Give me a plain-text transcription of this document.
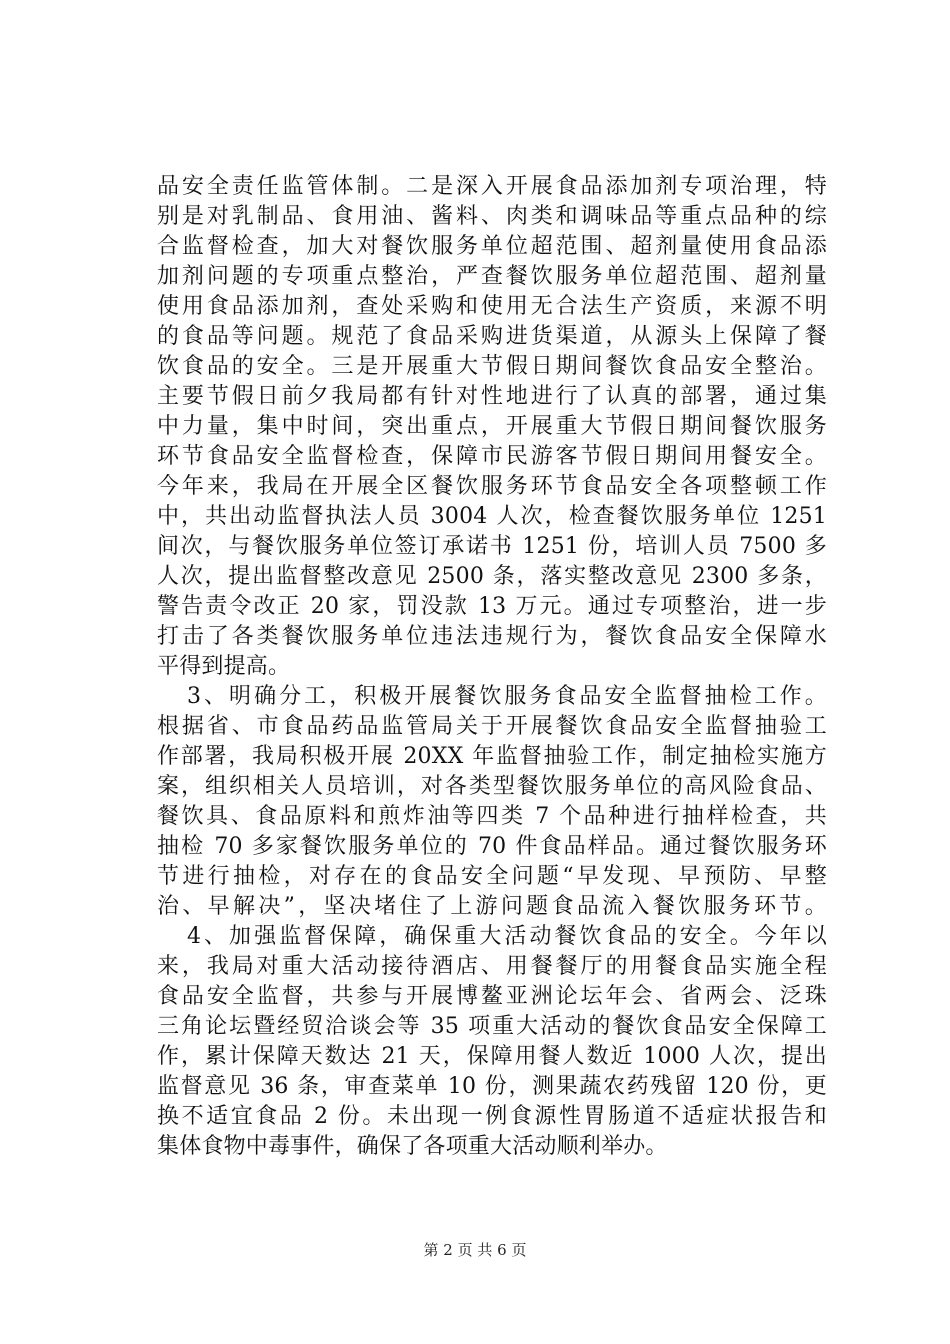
品安全责任监管体制。二是深入开展食品添加剂专项治理，特
别是对乳制品、食用油、酱料、肉类和调味品等重点品种的综
合监督检查，加大对餐饮服务单位超范围、超剂量使用食品添
加剂问题的专项重点整治，严查餐饮服务单位超范围、超剂量
使用食品添加剂，查处采购和使用无合法生产资质，来源不明
的食品等问题。规范了食品采购进货渠道，从源头上保障了餐
饮食品的安全。三是开展重大节假日期间餐饮食品安全整治。
主要节假日前夕我局都有针对性地进行了认真的部署，通过集
中力量，集中时间，突出重点，开展重大节假日期间餐饮服务
环节食品安全监督检查，保障市民游客节假日期间用餐安全。
今年来，我局在开展全区餐饮服务环节食品安全各项整顿工作
中，共出动监督执法人员 3004 人次，检查餐饮服务单位 1251
间次，与餐饮服务单位签订承诺书 1251 份，培训人员 7500 多
人次，提出监督整改意见 2500 条，落实整改意见 2300 多条，
警告责令改正 20 家，罚没款 13 万元。通过专项整治，进一步
打击了各类餐饮服务单位违法违规行为，餐饮食品安全保障水
平得到提高。
3、明确分工，积极开展餐饮服务食品安全监督抽检工作。
根据省、市食品药品监管局关于开展餐饮食品安全监督抽验工
作部署，我局积极开展 20XX 年监督抽验工作，制定抽检实施方
案，组织相关人员培训，对各类型餐饮服务单位的高风险食品、
餐饮具、食品原料和煎炸油等四类 7 个品种进行抽样检查，共
抽检 70 多家餐饮服务单位的 70 件食品样品。通过餐饮服务环
节进行抽检，对存在的食品安全问题“早发现、早预防、早整
治、早解决”，坚决堵住了上游问题食品流入餐饮服务环节。
4、加强监督保障，确保重大活动餐饮食品的安全。今年以
来，我局对重大活动接待酒店、用餐餐厅的用餐食品实施全程
食品安全监督，共参与开展博鳌亚洲论坛年会、省两会、泛珠
三角论坛暨经贸洽谈会等 35 项重大活动的餐饮食品安全保障工
作，累计保障天数达 21 天，保障用餐人数近 1000 人次，提出
监督意见 36 条，审查菜单 10 份，测果蔬农药残留 120 份，更
换不适宜食品 2 份。未出现一例食源性胃肠道不适症状报告和
集体食物中毒事件，确保了各项重大活动顺利举办。
第 2 页 共 6 页
